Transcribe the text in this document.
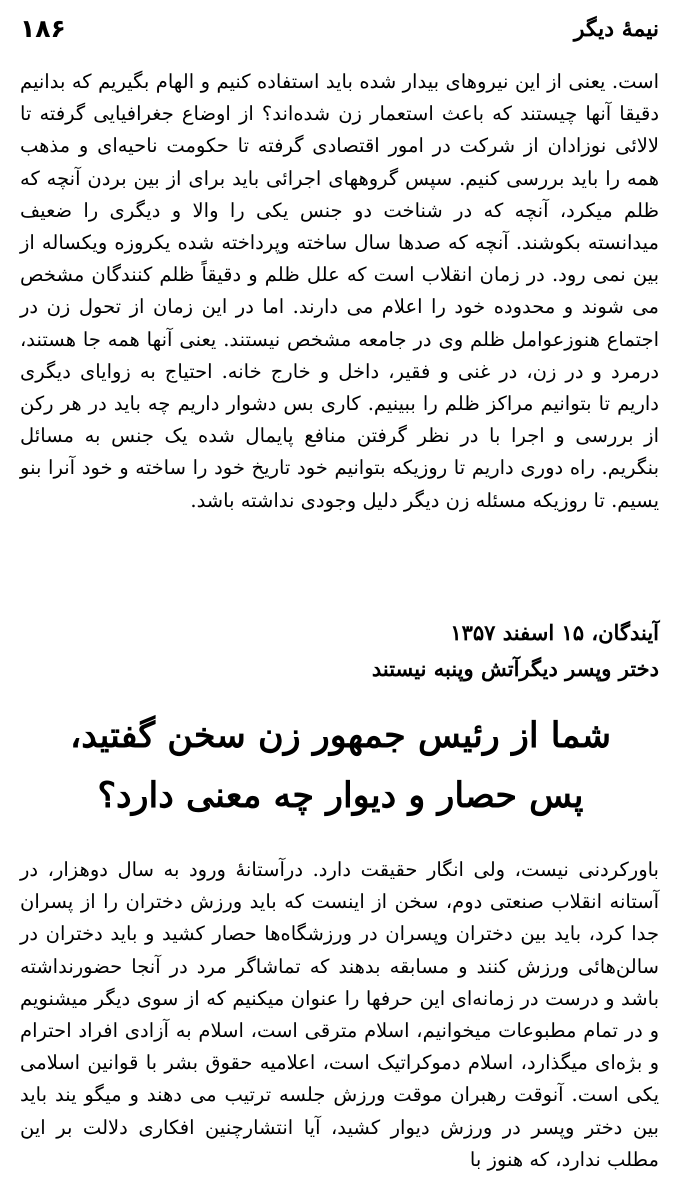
۱۸۶	نیمهٔ دیگر

است. یعنی از این نیروهای بیدار شده باید استفاده کنیم و الهام بگیریم که بدانیم دقیقا آنها چیستند که باعث استعمار زن شده‌اند؟ از اوضاع جغرافیایی گرفته تا لالائی نوزادان از شرکت در امور اقتصادی گرفته تا حکومت ناحیه‌ای و مذهب همه را باید بررسی کنیم. سپس گروههای اجرائی باید برای از بین بردن آنچه که ظلم میکرد، آنچه که در شناخت دو جنس یکی را والا و دیگری را ضعیف میدانسته بکوشند. آنچه که صدها سال ساخته وپرداخته شده یکروزه ویکساله از بین نمی رود. در زمان انقلاب است که علل ظلم و دقیقاً ظلم کنندگان مشخص می شوند و محدوده خود را اعلام می دارند. اما در این زمان از تحول زن در اجتماع هنوزعوامل ظلم وی در جامعه مشخص نیستند. یعنی آنها همه جا هستند، درمرد و در زن، در غنی و فقیر، داخل و خارج خانه. احتیاج به زوایای دیگری داریم تا بتوانیم مراکز ظلم را ببینیم. کاری بس دشوار داریم چه باید در هر رکن از بررسی و اجرا با در نظر گرفتن منافع پایمال شده یک جنس به مسائل بنگریم. راه دوری داریم تا روزیکه بتوانیم خود تاریخ خود را ساخته و خود آنرا بنو یسیم. تا روزیکه مسئله زن دیگر دلیل وجودی نداشته باشد.

آیندگان، ۱۵ اسفند ۱۳۵۷
دختر وپسر دیگرآتش وپنبه نیستند
شما از رئیس جمهور زن سخن گفتید،
پس حصار و دیوار چه معنی دارد؟

باورکردنی نیست، ولی انگار حقیقت دارد. درآستانهٔ ورود به سال دوهزار، در آستانه انقلاب صنعتی دوم، سخن از اینست که باید ورزش دختران را از پسران جدا کرد، باید بین دختران وپسران در ورزشگاه‌ها حصار کشید و باید دختران در سالن‌هائی ورزش کنند و مسابقه بدهند که تماشاگر مرد در آنجا حضورنداشته باشد و درست در زمانه‌ای این حرفها را عنوان میکنیم که از سوی دیگر میشنویم و در تمام مطبوعات میخوانیم، اسلام مترقی است، اسلام به آزادی افراد احترام و بژه‌ای میگذارد، اسلام دموکراتیک است، اعلامیه حقوق بشر با قوانین اسلامی یکی است. آنوقت رهبران موقت ورزش جلسه ترتیب می دهند و میگو یند باید بین دختر وپسر در ورزش دیوار کشید، آیا انتشارچنین افکاری دلالت بر این مطلب ندارد، که هنوز با
